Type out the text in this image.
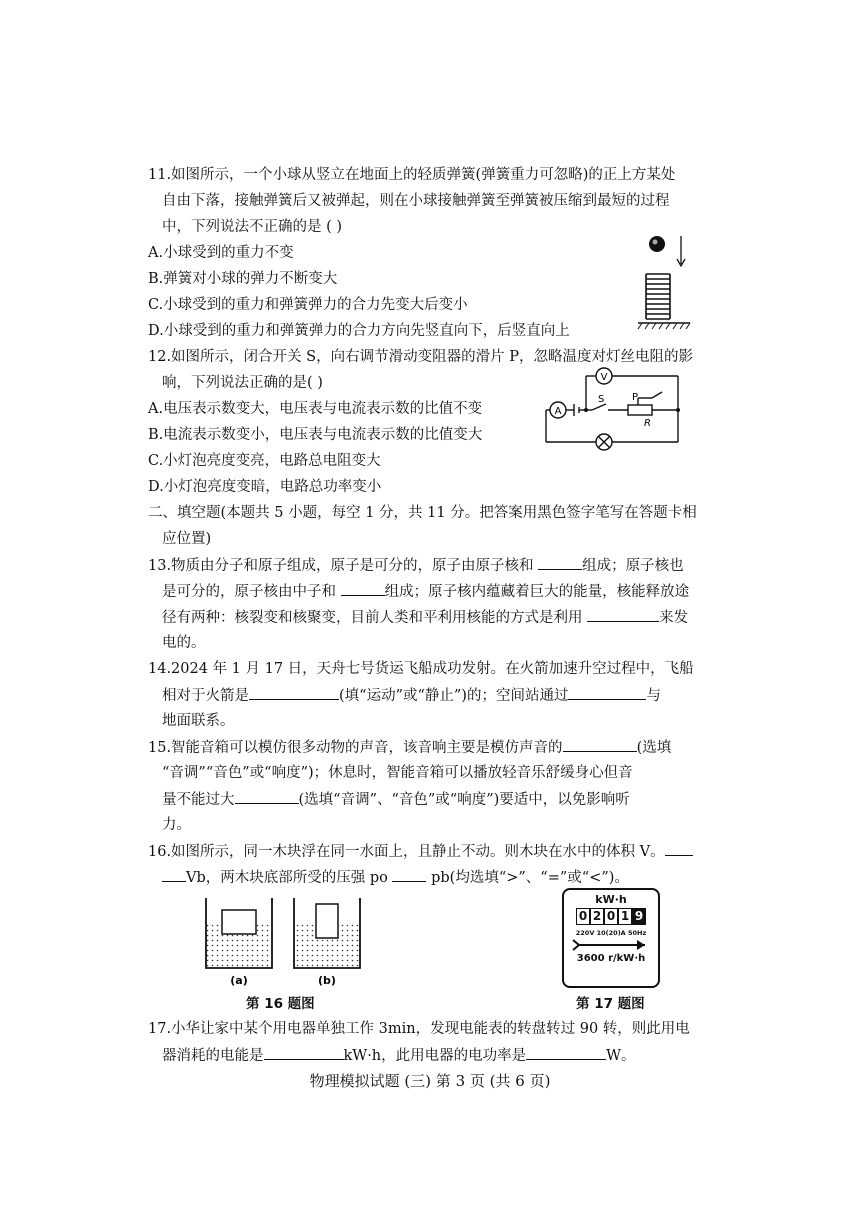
11.如图所示，一个小球从竖立在地面上的轻质弹簧(弹簧重力可忽略)的正上方某处
自由下落，接触弹簧后又被弹起，则在小球接触弹簧至弹簧被压缩到最短的过程
中，下列说法不正确的是 ( )
A.小球受到的重力不变
B.弹簧对小球的弹力不断变大
C.小球受到的重力和弹簧弹力的合力先变大后变小
D.小球受到的重力和弹簧弹力的合力方向先竖直向下，后竖直向上
12.如图所示，闭合开关 S，向右调节滑动变阻器的滑片 P，忽略温度对灯丝电阻的影
响，下列说法正确的是( )
A.电压表示数变大，电压表与电流表示数的比值不变
B.电流表示数变小，电压表与电流表示数的比值变大
C.小灯泡亮度变亮，电路总电阻变大
D.小灯泡亮度变暗，电路总功率变小
V
A
S	P
R
二、填空题(本题共 5 小题，每空 1 分，共 11 分。把答案用黑色签字笔写在答题卡相
应位置)
13.物质由分子和原子组成，原子是可分的，原子由原子核和	组成；原子核也
是可分的，原子核由中子和	组成；原子核内蕴藏着巨大的能量，核能释放途
径有两种：核裂变和核聚变，目前人类和平利用核能的方式是利用	来发
电的。
14.2024 年 1 月 17 日，天舟七号货运飞船成功发射。在火箭加速升空过程中，飞船
相对于火箭是	(填“运动”或“静止”)的；空间站通过	与
地面联系。
15.智能音箱可以模仿很多动物的声音，该音响主要是模仿声音的	(选填
“音调”“音色”或“响度”)；休息时，智能音箱可以播放轻音乐舒缓身心但音
量不能过大	(选填“音调”、“音色”或“响度”)要适中，以免影响听
力。
16.如图所示，同一木块浮在同一水面上，且静止不动。则木块在水中的体积 V。
Vb，两木块底部所受的压强 po  pb(均选填“>”、“=”或“<”)。
(a)	(b)
第 16 题图
kW·h
0 2 0 1 9
220V 10(20)A 50Hz
3600 r/kW·h
第 17 题图
17.小华让家中某个用电器单独工作 3min，发现电能表的转盘转过 90 转，则此用电
器消耗的电能是	kW·h，此用电器的电功率是	W。
物理模拟试题 (三) 第 3 页 (共 6 页)
